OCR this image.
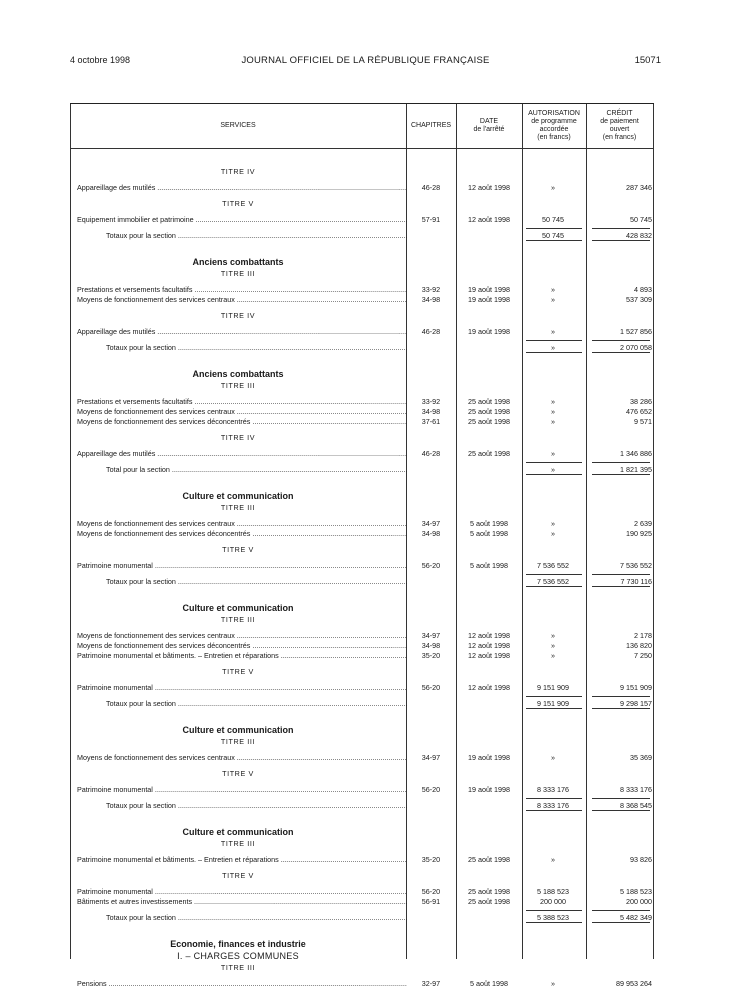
4 octobre 1998	JOURNAL OFFICIEL DE LA RÉPUBLIQUE FRANÇAISE	15071
SERVICES	CHAPITRES
DATE
de l'arrêté
AUTORISATION
de programme
accordée
(en francs)
CRÉDIT
de paiement
ouvert
(en francs)
TITRE IV
Appareillage des mutilés .....	46-28	12 août 1998	»	287 346
TITRE V
Equipement immobilier et patrimoine .....	57-91	12 août 1998	50 745	50 745
Totaux pour la section .....	50 745	428 832
Anciens combattants
TITRE III
Prestations et versements facultatifs .....	33-92	19 août 1998	»	4 893
Moyens de fonctionnement des services centraux .....	34-98	19 août 1998	»	537 309
TITRE IV
Appareillage des mutilés .....	46-28	19 août 1998	»	1 527 856
Totaux pour la section .....	»	2 070 058
Anciens combattants
TITRE III
Prestations et versements facultatifs .....	33-92	25 août 1998	»	38 286
Moyens de fonctionnement des services centraux .....	34-98	25 août 1998	»	476 652
Moyens de fonctionnement des services déconcentrés .....	37-61	25 août 1998	»	9 571
TITRE IV
Appareillage des mutilés .....	46-28	25 août 1998	»	1 346 886
Total pour la section .....	»	1 821 395
Culture et communication
TITRE III
Moyens de fonctionnement des services centraux .....	34-97	5 août 1998	»	2 639
Moyens de fonctionnement des services déconcentrés .....	34-98	5 août 1998	»	190 925
TITRE V
Patrimoine monumental .....	56-20	5 août 1998	7 536 552	7 536 552
Totaux pour la section .....	7 536 552	7 730 116
Culture et communication
TITRE III
Moyens de fonctionnement des services centraux .....	34-97	12 août 1998	»	2 178
Moyens de fonctionnement des services déconcentrés .....	34-98	12 août 1998	»	136 820
Patrimoine monumental et bâtiments. – Entretien et réparations .....	35-20	12 août 1998	»	7 250
TITRE V
Patrimoine monumental .....	56-20	12 août 1998	9 151 909	9 151 909
Totaux pour la section .....	9 151 909	9 298 157
Culture et communication
TITRE III
Moyens de fonctionnement des services centraux .....	34-97	19 août 1998	»	35 369
TITRE V
Patrimoine monumental .....	56-20	19 août 1998	8 333 176	8 333 176
Totaux pour la section .....	8 333 176	8 368 545
Culture et communication
TITRE III
Patrimoine monumental et bâtiments. – Entretien et réparations .....	35-20	25 août 1998	»	93 826
TITRE V
Patrimoine monumental .....	56-20	25 août 1998	5 188 523	5 188 523
Bâtiments et autres investissements .....	56-91	25 août 1998	200 000	200 000
Totaux pour la section .....	5 388 523	5 482 349
Economie, finances et industrie
I. – CHARGES COMMUNES
TITRE III
Pensions .....	32-97	5 août 1998	»	89 953 264
